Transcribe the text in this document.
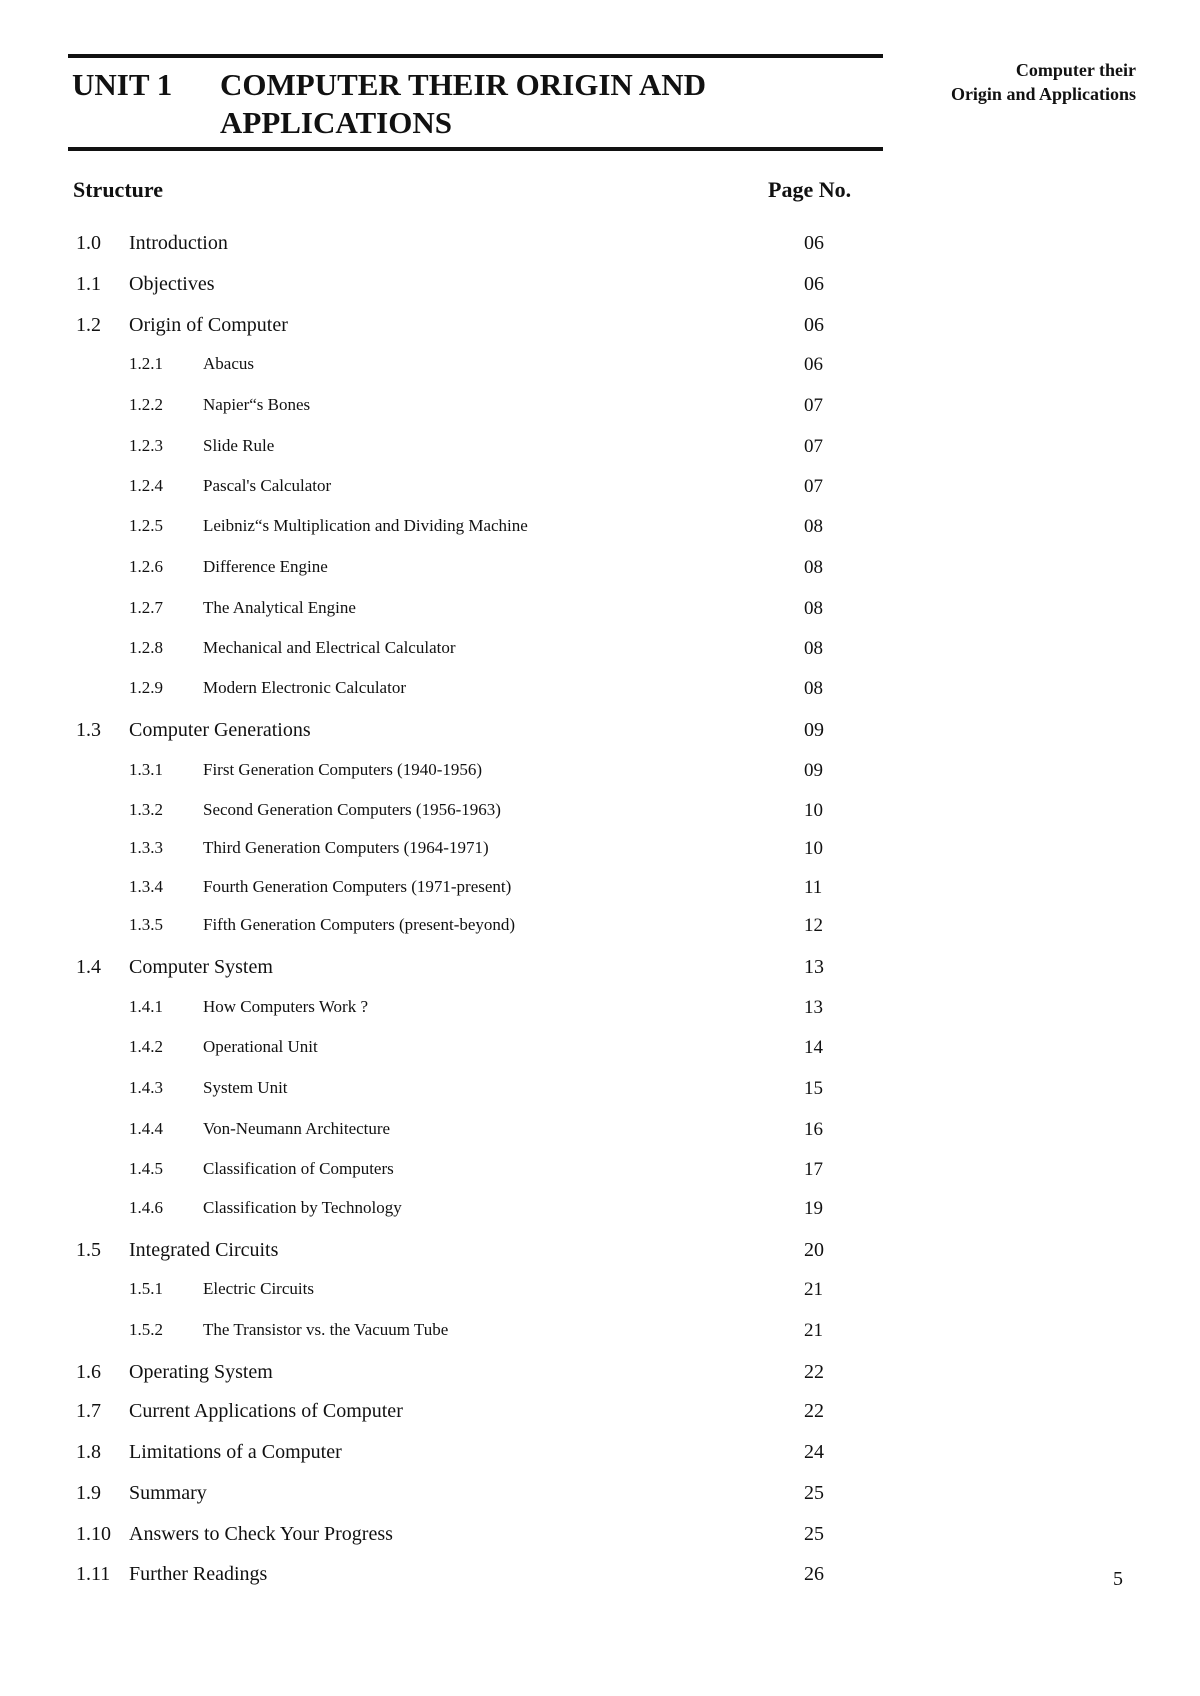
UNIT 1 COMPUTER THEIR ORIGIN AND APPLICATIONS
Computer their
Origin and Applications
Structure	Page No.
1.0 Introduction	06
1.1 Objectives	06
1.2 Origin of Computer	06
1.2.1 Abacus	06
1.2.2 Napier“s Bones	07
1.2.3 Slide Rule	07
1.2.4 Pascal's Calculator	07
1.2.5 Leibniz“s Multiplication and Dividing Machine	08
1.2.6 Difference Engine	08
1.2.7 The Analytical Engine	08
1.2.8 Mechanical and Electrical Calculator	08
1.2.9 Modern Electronic Calculator	08
1.3 Computer Generations	09
1.3.1 First Generation Computers (1940-1956)	09
1.3.2 Second Generation Computers (1956-1963)	10
1.3.3 Third Generation Computers (1964-1971)	10
1.3.4 Fourth Generation Computers (1971-present)	11
1.3.5 Fifth Generation Computers (present-beyond)	12
1.4 Computer System	13
1.4.1 How Computers Work ?	13
1.4.2 Operational Unit	14
1.4.3 System Unit	15
1.4.4 Von-Neumann Architecture	16
1.4.5 Classification of Computers	17
1.4.6 Classification by Technology	19
1.5 Integrated Circuits	20
1.5.1 Electric Circuits	21
1.5.2 The Transistor vs. the Vacuum Tube	21
1.6 Operating System	22
1.7 Current Applications of Computer	22
1.8 Limitations of a Computer	24
1.9 Summary	25
1.10 Answers to Check Your Progress	25
1.11 Further Readings	26	5
